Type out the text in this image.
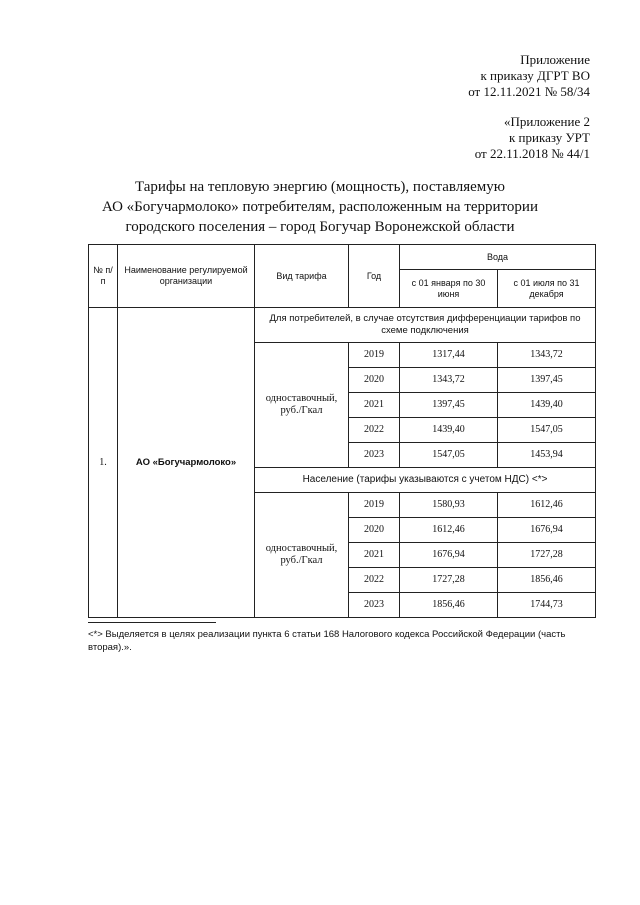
Приложение
к приказу ДГРТ ВО
от 12.11.2021 № 58/34
«Приложение 2
к приказу УРТ
от 22.11.2018 № 44/1
Тарифы на тепловую энергию (мощность), поставляемую
АО «Богучармолоко» потребителям, расположенным на территории
городского поселения – город Богучар Воронежской области
№ п/п	Наименование регулируемой организации	Вид тарифа	Год	Вода	
				с 01 января по 30 июня	с 01 июля по 31 декабря
1.	АО «Богучармолоко»	Для потребителей, в случае отсутствия дифференциации тарифов по схеме подключения			
		одноставочный, руб./Гкал	2019	1317,44	1343,72
			2020	1343,72	1397,45
			2021	1397,45	1439,40
			2022	1439,40	1547,05
			2023	1547,05	1453,94
		Население (тарифы указываются с учетом НДС) <*>			
		одноставочный, руб./Гкал	2019	1580,93	1612,46
			2020	1612,46	1676,94
			2021	1676,94	1727,28
			2022	1727,28	1856,46
			2023	1856,46	1744,73
<*> Выделяется в целях реализации пункта 6 статьи 168 Налогового кодекса Российской Федерации (часть вторая).».
